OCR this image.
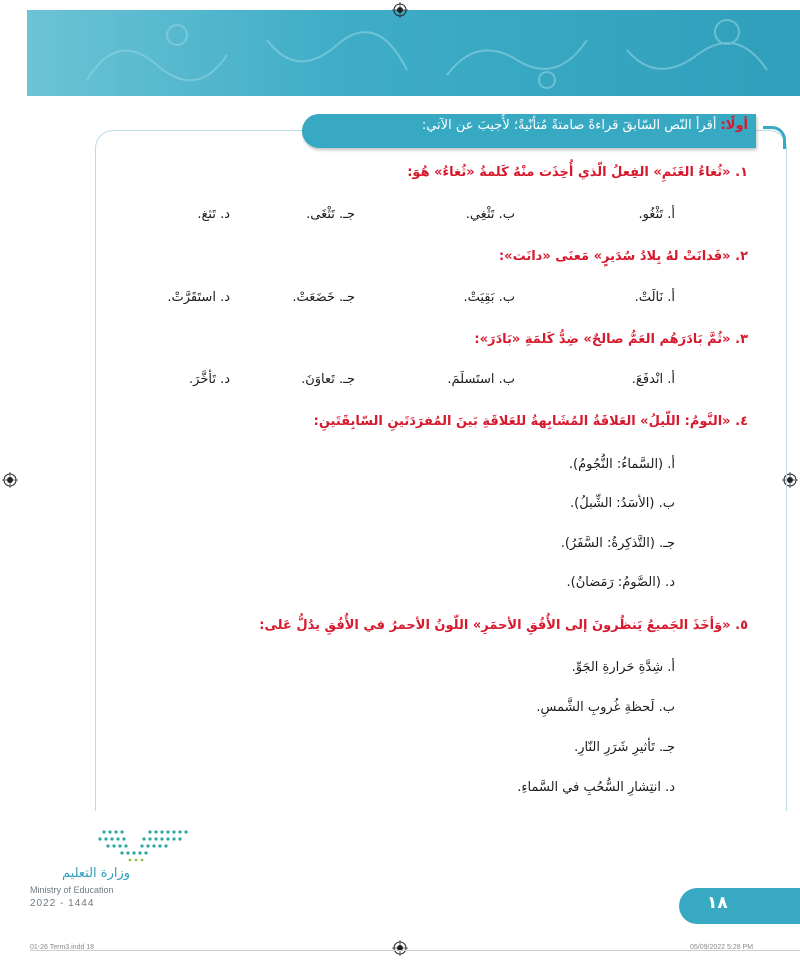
أولًا: أقرأ النّص السّابقَ قراءةً صامتةً مُتأنّيةً؛ لأُجيبَ عن الآتي:
١. «ثُغاءُ الغَنَمِ» الفِعلُ الّذي أُخِذَت منْهُ كَلمةُ «ثُغاءُ» هُوَ:
أ. تَثْغُو.
ب. تَثْغِي.
جـ. تَثْغَى.
د. تَثغ.
٢. «فَدانَتْ لهُ بِلادُ سُدَيرٍ» مَعنَى «دانَت»:
أ. نَالَتْ.
ب. بَقِيَتْ.
جـ. خَضَعَتْ.
د. استَقَرَّتْ.
٣. «ثُمَّ بَادَرَهُم العَمُّ صالحٌ» ضِدُّ كَلمَةِ «بَادَرَ»:
أ. انْدفَعَ.
ب. استَسلَمَ.
جـ. تَعاوَنَ.
د. تَأخَّرَ.
٤. «النَّومُ: اللّيلُ» العَلاقَةُ المُشَابِهةُ للعَلاقَةِ بَينَ المُفرَدَتَينِ السّابِقَتَينِ:
أ. (السَّماءُ: النُّجُومُ).
ب. (الأسَدُ: الشِّبلُ).
جـ. (التَّذكِرةُ: السَّفَرُ).
د. (الصَّومُ: رَمَضانُ).
٥. «وَأخَذَ الجَميعُ يَنظُرونَ إلى الأُفُقِ الأحمَرِ» اللّونُ الأحمرُ في الأُفُقِ يدُلُّ عَلى:
أ. شِدَّةِ حَرارةِ الجَوِّ.
ب. لَحظةِ غُروبِ الشَّمسِ.
جـ. تَأثيرِ شَرَرِ النّارِ.
د. انتِشارِ السُّحُبِ في السَّماءِ.
وزارة التعليم
Ministry of Education
2022 - 1444	١٨
01-26 Term3.indd 18	05/09/2022 5:28 PM
